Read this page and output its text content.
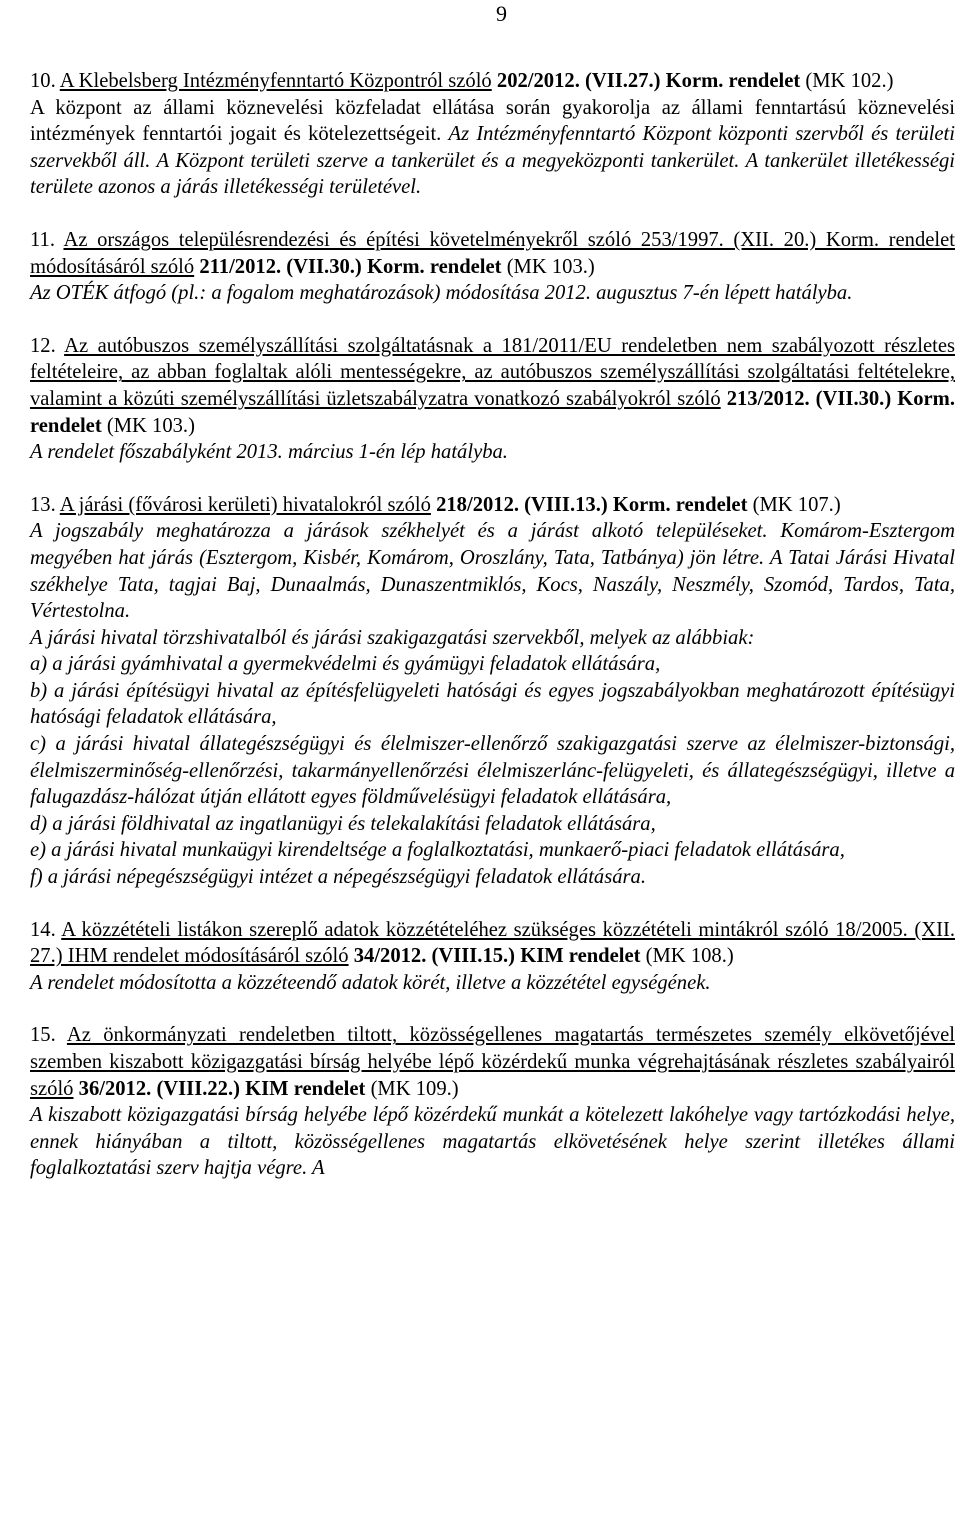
9

10. A Klebelsberg Intézményfenntartó Központról szóló 202/2012. (VII.27.) Korm. rendelet (MK 102.)

A központ az állami köznevelési közfeladat ellátása során gyakorolja az állami fenntartású köznevelési intézmények fenntartói jogait és kötelezettségeit. Az Intézményfenntartó Központ központi szervből és területi szervekből áll. A Központ területi szerve a tankerület és a megyeközponti tankerület. A tankerület illetékességi területe azonos a járás illetékességi területével.

11. Az országos településrendezési és építési követelményekről szóló 253/1997. (XII. 20.) Korm. rendelet módosításáról szóló 211/2012. (VII.30.) Korm. rendelet (MK 103.)

Az OTÉK átfogó (pl.: a fogalom meghatározások) módosítása 2012. augusztus 7-én lépett hatályba.

12. Az autóbuszos személyszállítási szolgáltatásnak a 181/2011/EU rendeletben nem szabályozott részletes feltételeire, az abban foglaltak alóli mentességekre, az autóbuszos személyszállítási szolgáltatási feltételekre, valamint a közúti személyszállítási üzletszabályzatra vonatkozó szabályokról szóló 213/2012. (VII.30.) Korm. rendelet (MK 103.)

A rendelet főszabályként 2013. március 1-én lép hatályba.

13. A járási (fővárosi kerületi) hivatalokról szóló 218/2012. (VIII.13.) Korm. rendelet (MK 107.)

A jogszabály meghatározza a járások székhelyét és a járást alkotó településeket. Komárom-Esztergom megyében hat járás (Esztergom, Kisbér, Komárom, Oroszlány, Tata, Tatbánya) jön létre. A Tatai Járási Hivatal székhelye Tata, tagjai Baj, Dunaalmás, Dunaszentmiklós, Kocs, Naszály, Neszmély, Szomód, Tardos, Tata, Vértestolna.

A járási hivatal törzshivatalból és járási szakigazgatási szervekből, melyek az alábbiak:

a) a járási gyámhivatal a gyermekvédelmi és gyámügyi feladatok ellátására,

b) a járási építésügyi hivatal az építésfelügyeleti hatósági és egyes jogszabályokban meghatározott építésügyi hatósági feladatok ellátására,

c) a járási hivatal állategészségügyi és élelmiszer-ellenőrző szakigazgatási szerve az élelmiszer-biztonsági, élelmiszerminőség-ellenőrzési, takarmányellenőrzési élelmiszerlánc-felügyeleti, és állategészségügyi, illetve a falugazdász-hálózat útján ellátott egyes földművelésügyi feladatok ellátására,

d) a járási földhivatal az ingatlanügyi és telekalakítási feladatok ellátására,

e) a járási hivatal munkaügyi kirendeltsége a foglalkoztatási, munkaerő-piaci feladatok ellátására,

f) a járási népegészségügyi intézet a népegészségügyi feladatok ellátására.

14. A közzétételi listákon szereplő adatok közzétételéhez szükséges közzétételi mintákról szóló 18/2005. (XII. 27.) IHM rendelet módosításáról szóló 34/2012. (VIII.15.) KIM rendelet (MK 108.)

A rendelet módosította a közzéteendő adatok körét, illetve a közzététel egységének.

15. Az önkormányzati rendeletben tiltott, közösségellenes magatartás természetes személy elkövetőjével szemben kiszabott közigazgatási bírság helyébe lépő közérdekű munka végrehajtásának részletes szabályairól szóló 36/2012. (VIII.22.) KIM rendelet (MK 109.)

A kiszabott közigazgatási bírság helyébe lépő közérdekű munkát a kötelezett lakóhelye vagy tartózkodási helye, ennek hiányában a tiltott, közösségellenes magatartás elkövetésének helye szerint illetékes állami foglalkoztatási szerv hajtja végre. A
